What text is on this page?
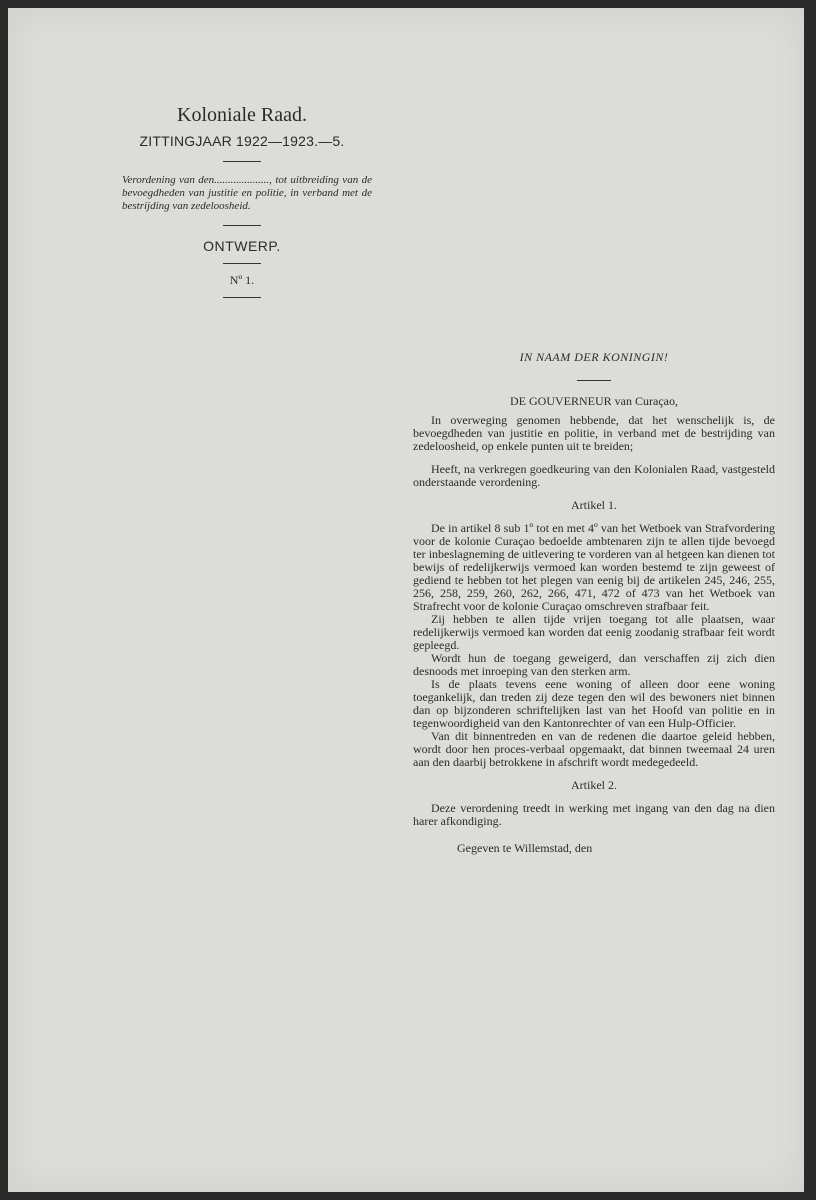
Koloniale Raad.

ZITTINGJAAR 1922—1923.—5.

Verordening van den...................., tot uitbreiding van de bevoegdheden van justitie en politie, in verband met de bestrijding van zedeloosheid.

ONTWERP.

Nº 1.

IN NAAM DER KONINGIN!

DE GOUVERNEUR van Curaçao,

In overweging genomen hebbende, dat het wenschelijk is, de bevoegdheden van justitie en politie, in verband met de bestrijding van zedeloosheid, op enkele punten uit te breiden;

Heeft, na verkregen goedkeuring van den Kolonialen Raad, vastgesteld onderstaande verordening.

Artikel 1.

De in artikel 8 sub 1º tot en met 4º van het Wetboek van Strafvordering voor de kolonie Curaçao bedoelde ambtenaren zijn te allen tijde bevoegd ter inbeslagneming de uitlevering te vorderen van al hetgeen kan dienen tot bewijs of redelijkerwijs vermoed kan worden bestemd te zijn geweest of gediend te hebben tot het plegen van eenig bij de artikelen 245, 246, 255, 256, 258, 259, 260, 262, 266, 471, 472 of 473 van het Wetboek van Strafrecht voor de kolonie Curaçao omschreven strafbaar feit.

Zij hebben te allen tijde vrijen toegang tot alle plaatsen, waar redelijkerwijs vermoed kan worden dat eenig zoodanig strafbaar feit wordt gepleegd.

Wordt hun de toegang geweigerd, dan verschaffen zij zich dien desnoods met inroeping van den sterken arm.

Is de plaats tevens eene woning of alleen door eene woning toegankelijk, dan treden zij deze tegen den wil des bewoners niet binnen dan op bijzonderen schriftelijken last van het Hoofd van politie en in tegenwoordigheid van den Kantonrechter of van een Hulp-Officier.

Van dit binnentreden en van de redenen die daartoe geleid hebben, wordt door hen proces-verbaal opgemaakt, dat binnen tweemaal 24 uren aan den daarbij betrokkene in afschrift wordt medegedeeld.

Artikel 2.

Deze verordening treedt in werking met ingang van den dag na dien harer afkondiging.

Gegeven te Willemstad, den
